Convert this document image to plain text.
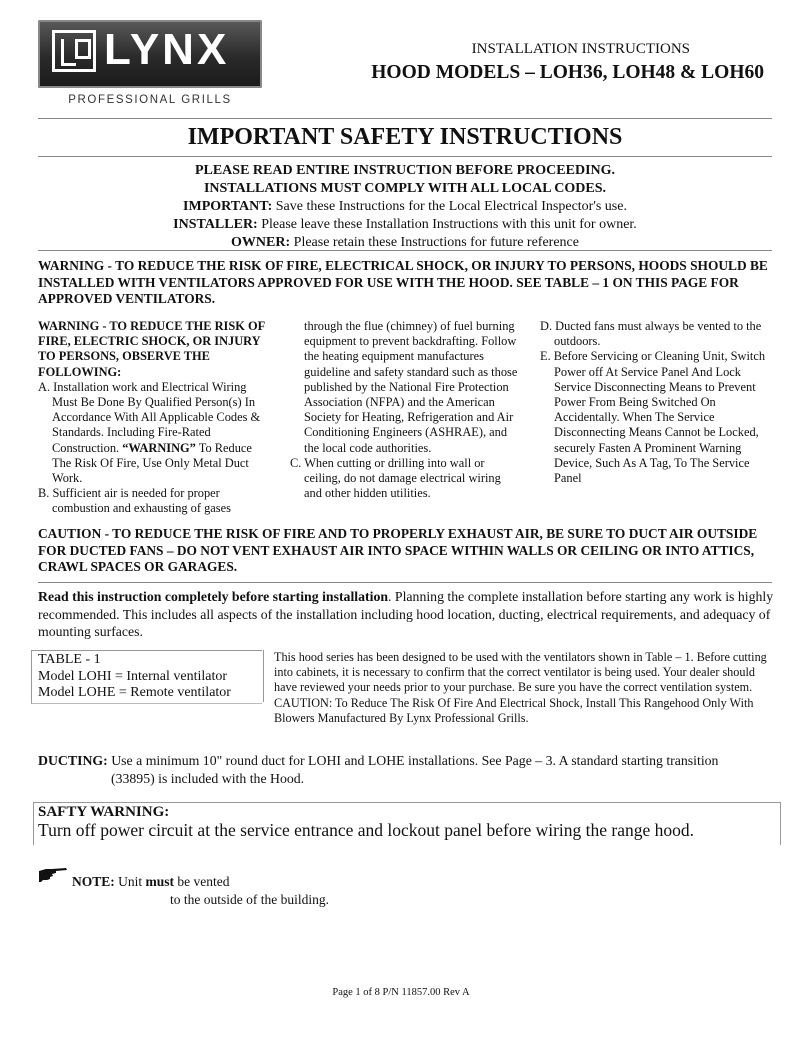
LYNX
PROFESSIONAL GRILLS
INSTALLATION INSTRUCTIONS
HOOD MODELS – LOH36, LOH48 & LOH60
IMPORTANT SAFETY INSTRUCTIONS
PLEASE READ ENTIRE INSTRUCTION BEFORE PROCEEDING.
INSTALLATIONS MUST COMPLY WITH ALL LOCAL CODES.
IMPORTANT: Save these Instructions for the Local Electrical Inspector's use.
INSTALLER: Please leave these Installation Instructions with this unit for owner.
OWNER: Please retain these Instructions for future reference
WARNING - TO REDUCE THE RISK OF FIRE, ELECTRICAL SHOCK, OR INJURY TO PERSONS, HOODS SHOULD BE INSTALLED WITH VENTILATORS APPROVED FOR USE WITH THE HOOD. SEE TABLE – 1 ON THIS PAGE FOR APPROVED VENTILATORS.
WARNING - TO REDUCE THE RISK OF FIRE, ELECTRIC SHOCK, OR INJURY TO PERSONS, OBSERVE THE FOLLOWING:
A. Installation work and Electrical Wiring Must Be Done By Qualified Person(s) In Accordance With All Applicable Codes & Standards. Including Fire-Rated Construction. “WARNING” To Reduce The Risk Of Fire, Use Only Metal Duct Work.
B. Sufficient air is needed for proper combustion and exhausting of gases
through the flue (chimney) of fuel burning equipment to prevent backdrafting. Follow the heating equipment manufactures guideline and safety standard such as those published by the National Fire Protection Association (NFPA) and the American Society for Heating, Refrigeration and Air Conditioning Engineers (ASHRAE), and the local code authorities.
C. When cutting or drilling into wall or ceiling, do not damage electrical wiring and other hidden utilities.
D. Ducted fans must always be vented to the outdoors.
E. Before Servicing or Cleaning Unit, Switch Power off At Service Panel And Lock Service Disconnecting Means to Prevent Power From Being Switched On Accidentally. When The Service Disconnecting Means Cannot be Locked, securely Fasten A Prominent Warning Device, Such As A Tag, To The Service Panel
CAUTION - TO REDUCE THE RISK OF FIRE AND TO PROPERLY EXHAUST AIR, BE SURE TO DUCT AIR OUTSIDE FOR DUCTED FANS – DO NOT VENT EXHAUST AIR INTO SPACE WITHIN WALLS OR CEILING OR INTO ATTICS, CRAWL SPACES OR GARAGES.
Read this instruction completely before starting installation. Planning the complete installation before starting any work is highly recommended. This includes all aspects of the installation including hood location, ducting, electrical requirements, and adequacy of mounting surfaces.
TABLE - 1
Model LOHI = Internal ventilator
Model LOHE = Remote ventilator
This hood series has been designed to be used with the ventilators shown in Table – 1. Before cutting into cabinets, it is necessary to confirm that the correct ventilator is being used. Your dealer should have reviewed your needs prior to your purchase. Be sure you have the correct ventilation system.
CAUTION: To Reduce The Risk Of Fire And Electrical Shock, Install This Rangehood Only With Blowers Manufactured By Lynx Professional Grills.
DUCTING: Use a minimum 10" round duct for LOHI and LOHE installations. See Page – 3. A standard starting transition
(33895) is included with the Hood.
SAFTY WARNING:
Turn off power circuit at the service entrance and lockout panel before wiring the range hood.
NOTE: Unit must be vented
to the outside of the building.
Page 1 of 8 P/N 11857.00 Rev A
